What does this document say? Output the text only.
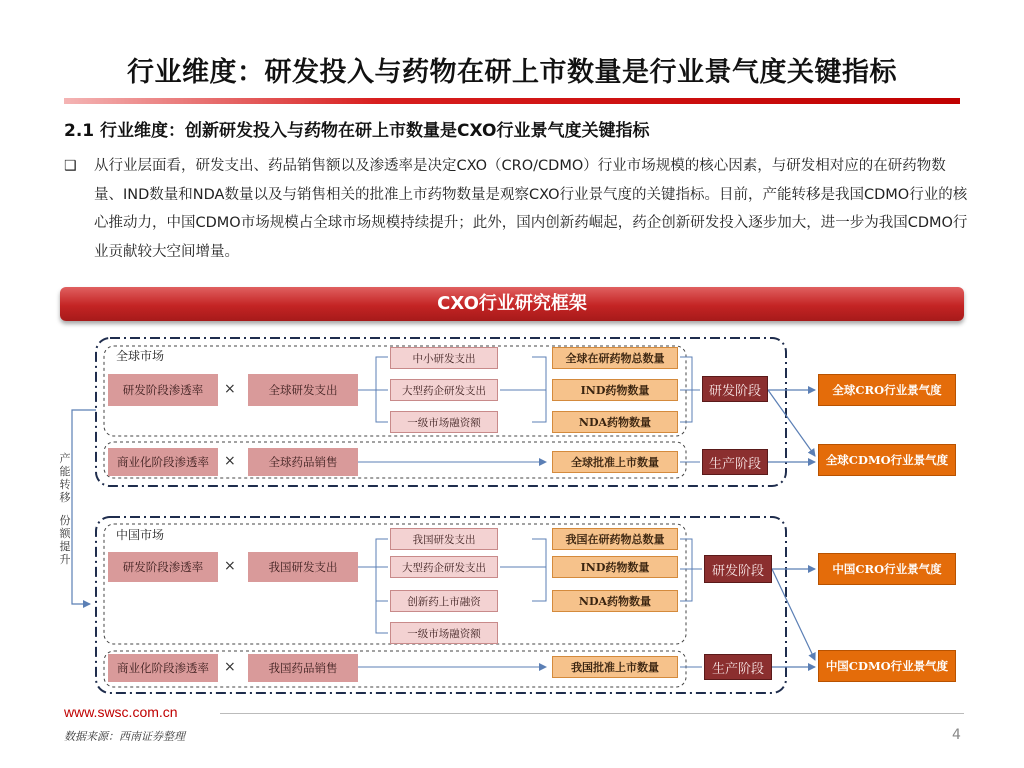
行业维度：研发投入与药物在研上市数量是行业景气度关键指标
2.1 行业维度：创新研发投入与药物在研上市数量是CXO行业景气度关键指标
❑	从行业层面看，研发支出、药品销售额以及渗透率是决定CXO（CRO/CDMO）行业市场规模的核心因素，与研发相对应的在研药物数量、IND数量和NDA数量以及与销售相关的批准上市药物数量是观察CXO行业景气度的关键指标。目前，产能转移是我国CDMO行业的核心推动力，中国CDMO市场规模占全球市场规模持续提升；此外，国内创新药崛起，药企创新研发投入逐步加大，进一步为我国CDMO行业贡献较大空间增量。
CXO行业研究框架
产
能
转
移
份
额
提
升
全球市场
研发阶段渗透率	×	全球研发支出
中小研发支出
大型药企研发支出
一级市场融资额
全球在研药物总数量
IND药物数量
NDA药物数量
研发阶段
商业化阶段渗透率	×	全球药品销售	全球批准上市数量	生产阶段
全球CRO行业景气度
全球CDMO行业景气度
中国市场
研发阶段渗透率	×	我国研发支出
我国研发支出
大型药企研发支出
创新药上市融资
一级市场融资额
我国在研药物总数量
IND药物数量
NDA药物数量
研发阶段
商业化阶段渗透率	×	我国药品销售	我国批准上市数量	生产阶段
中国CRO行业景气度
中国CDMO行业景气度
www.swsc.com.cn
数据来源：西南证券整理	4
